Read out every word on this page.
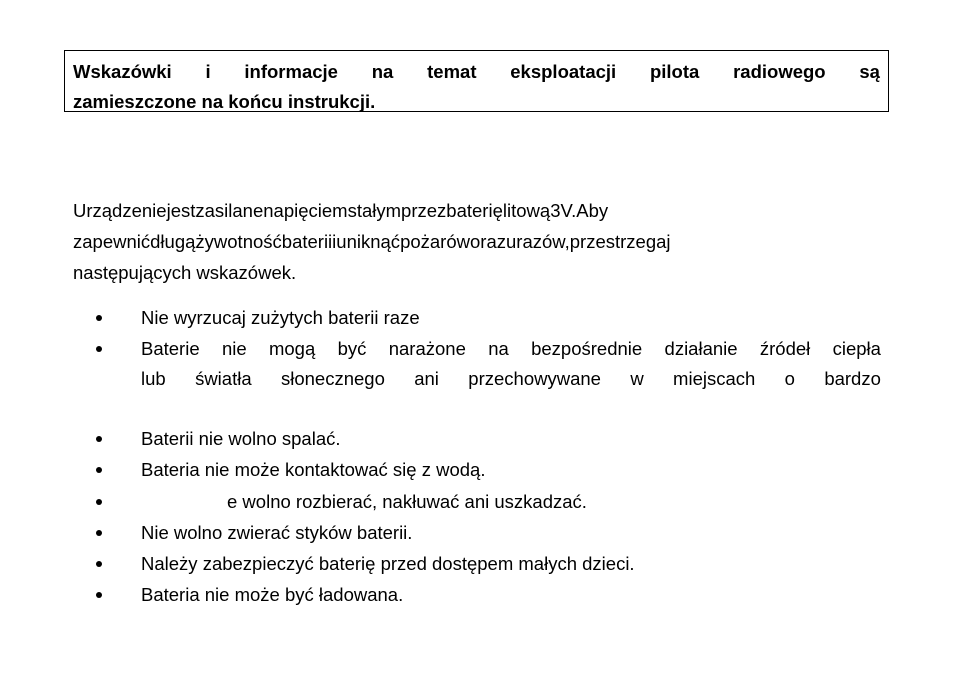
Wskazówki i informacje na temat eksploatacji pilota radiowego są
zamieszczone na końcu instrukcji.
Urządzeniejestzasilanenapięciemstałymprzezbaterięlitową3V.Aby
zapewnićdługążywotnośćbateriiiuniknąćpożaróworazurazów,przestrzegaj
następujących wskazówek.
Nie wyrzucaj zużytych baterii raze
Baterie nie mogą być narażone na bezpośrednie działanie źródeł ciepła
lub światła słonecznego ani przechowywane w miejscach o bardzo
Baterii nie wolno spalać.
Bateria nie może kontaktować się z wodą.
e wolno rozbierać, nakłuwać ani uszkadzać.
Nie wolno zwierać styków baterii.
Należy zabezpieczyć baterię przed dostępem małych dzieci.
Bateria nie może być ładowana.
